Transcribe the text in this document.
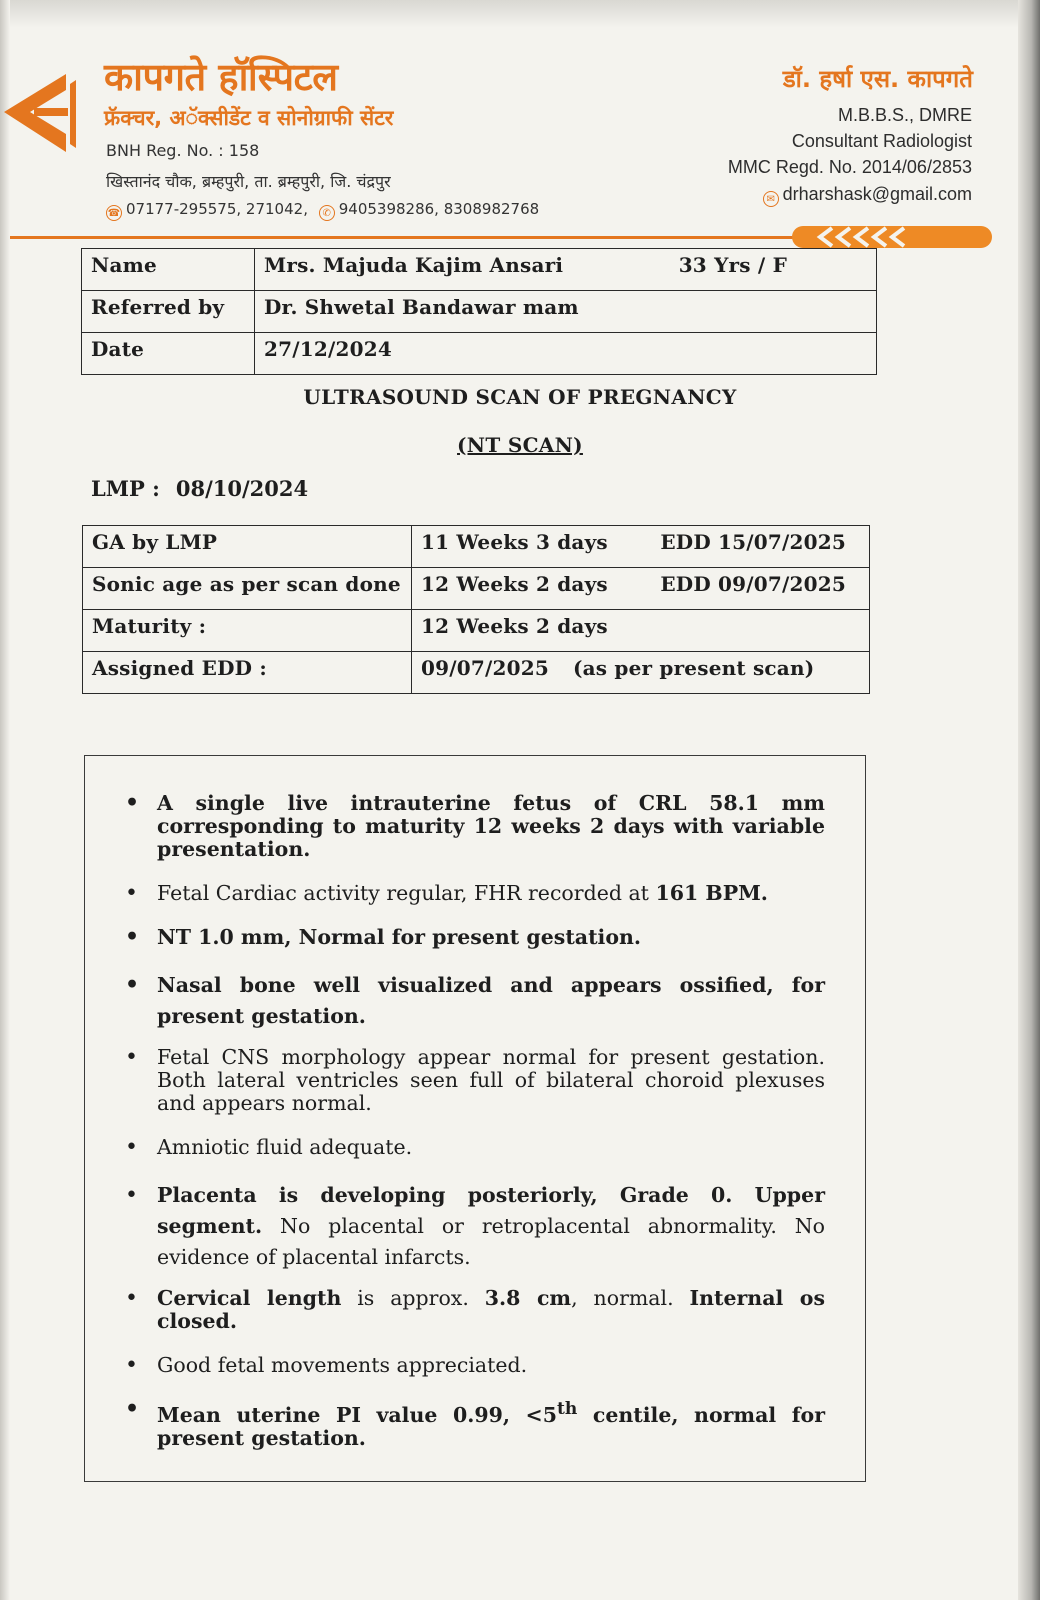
कापगते हॉस्पिटल
फ्रॅक्चर, अॅक्सीडेंट व सोनोग्राफी सेंटर
BNH Reg. No. : 158
खिस्तानंद चौक, ब्रम्हपुरी, ता. ब्रम्हपुरी, जि. चंद्रपुर
☎ 07177-295575, 271042, ✆ 9405398286, 8308982768
डॉ. हर्षा एस. कापगते
M.B.B.S., DMRE
Consultant Radiologist
MMC Regd. No. 2014/06/2853
✉ drharshask@gmail.com
Name	Mrs. Majuda Kajim Ansari 33 Yrs / F

Referred by	Dr. Shwetal Bandawar mam
Date	27/12/2024
ULTRASOUND SCAN OF PREGNANCY
(NT SCAN)
LMP : 08/10/2024
GA by LMP	11 Weeks 3 days EDD 15/07/2025

Sonic age as per scan done	12 Weeks 2 days EDD 09/07/2025

Maturity :	12 Weeks 2 days
Assigned EDD :	09/07/2025 (as per present scan)
• A single live intrauterine fetus of CRL 58.1 mm corresponding to maturity 12 weeks 2 days with variable presentation.
• Fetal Cardiac activity regular, FHR recorded at 161 BPM.
• NT 1.0 mm, Normal for present gestation.
• Nasal bone well visualized and appears ossified, for present gestation.
• Fetal CNS morphology appear normal for present gestation. Both lateral ventricles seen full of bilateral choroid plexuses and appears normal.
• Amniotic fluid adequate.
• Placenta is developing posteriorly, Grade 0. Upper segment. No placental or retroplacental abnormality. No evidence of placental infarcts.
• Cervical length is approx. 3.8 cm, normal. Internal os closed.
• Good fetal movements appreciated.
• Mean uterine PI value 0.99, <5th centile, normal for present gestation.
